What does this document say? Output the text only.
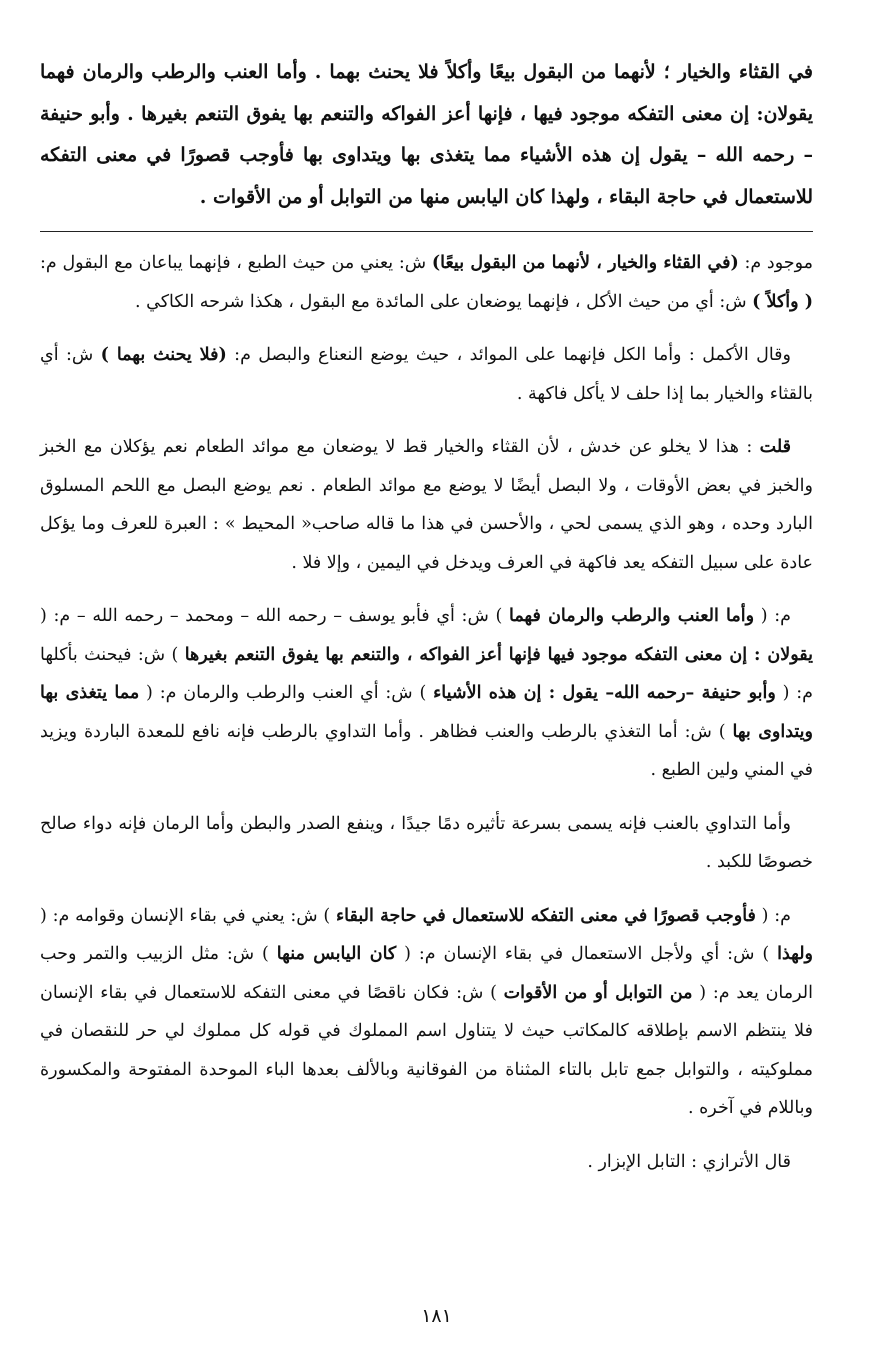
في القثاء والخيار ؛ لأنهما من البقول بيعًا وأكلاً فلا يحنث بهما . وأما العنب والرطب والرمان فهما يقولان: إن معنى التفكه موجود فيها ، فإنها أعز الفواكه والتنعم بها يفوق التنعم بغيرها . وأبو حنيفة – رحمه الله – يقول إن هذه الأشياء مما يتغذى بها ويتداوى بها فأوجب قصورًا في معنى التفكه للاستعمال في حاجة البقاء ، ولهذا كان اليابس منها من التوابل أو من الأقوات .

موجود م: (في القثاء والخيار ، لأنهما من البقول بيعًا) ش: يعني من حيث الطبع ، فإنهما يباعان مع البقول م: ( وأكلاً ) ش: أي من حيث الأكل ، فإنهما يوضعان على المائدة مع البقول ، هكذا شرحه الكاكي .

وقال الأكمل : وأما الكل فإنهما على الموائد ، حيث يوضع النعناع والبصل م: (فلا يحنث بهما ) ش: أي بالقثاء والخيار بما إذا حلف لا يأكل فاكهة .

قلت : هذا لا يخلو عن خدش ، لأن القثاء والخيار قط لا يوضعان مع موائد الطعام نعم يؤكلان مع الخبز والخبز في بعض الأوقات ، ولا البصل أيضًا لا يوضع مع موائد الطعام . نعم يوضع البصل مع اللحم المسلوق البارد وحده ، وهو الذي يسمى لحي ، والأحسن في هذا ما قاله صاحب« المحيط » : العبرة للعرف وما يؤكل عادة على سبيل التفكه يعد فاكهة في العرف ويدخل في اليمين ، وإلا فلا .

م: ( وأما العنب والرطب والرمان فهما ) ش: أي فأبو يوسف – رحمه الله – ومحمد – رحمه الله – م: ( يقولان : إن معنى التفكه موجود فيها فإنها أعز الفواكه ، والتنعم بها يفوق التنعم بغيرها ) ش: فيحنث بأكلها م: ( وأبو حنيفة –رحمه الله– يقول : إن هذه الأشياء ) ش: أي العنب والرطب والرمان م: ( مما يتغذى بها ويتداوى بها ) ش: أما التغذي بالرطب والعنب فظاهر . وأما التداوي بالرطب فإنه نافع للمعدة الباردة ويزيد في المني ولين الطبع .

وأما التداوي بالعنب فإنه يسمى بسرعة تأثيره دمًا جيدًا ، وينفع الصدر والبطن وأما الرمان فإنه دواء صالح خصوصًا للكبد .

م: ( فأوجب قصورًا في معنى التفكه للاستعمال في حاجة البقاء ) ش: يعني في بقاء الإنسان وقوامه م: ( ولهذا ) ش: أي ولأجل الاستعمال في بقاء الإنسان م: ( كان اليابس منها ) ش: مثل الزبيب والتمر وحب الرمان يعد م: ( من التوابل أو من الأقوات ) ش: فكان ناقصًا في معنى التفكه للاستعمال في بقاء الإنسان فلا ينتظم الاسم بإطلاقه كالمكاتب حيث لا يتناول اسم المملوك في قوله كل مملوك لي حر للنقصان في مملوكيته ، والتوابل جمع تابل بالتاء المثناة من الفوقانية وبالألف بعدها الباء الموحدة المفتوحة والمكسورة وباللام في آخره .

قال الأترازي : التابل الإبزار .

١٨١
